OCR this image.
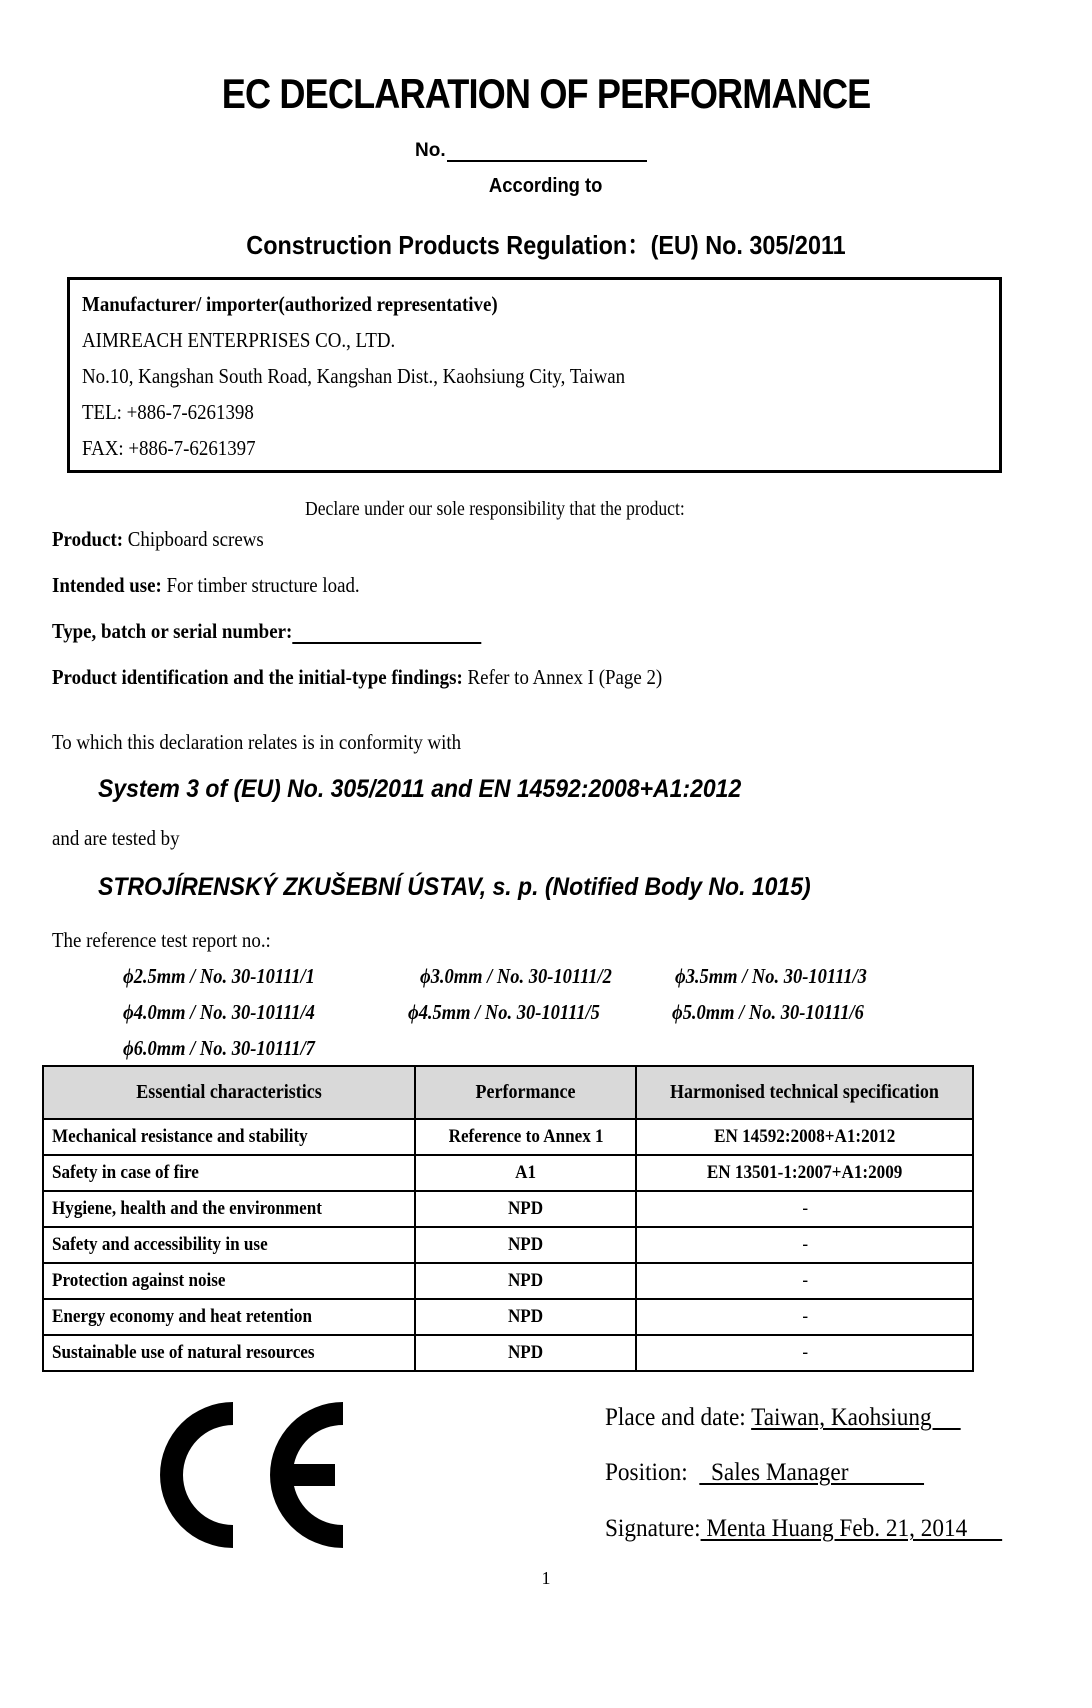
EC DECLARATION OF PERFORMANCE
No.
According to
Construction Products Regulation：(EU) No. 305/2011
Manufacturer/ importer(authorized representative)
AIMREACH ENTERPRISES CO., LTD.
No.10, Kangshan South Road, Kangshan Dist., Kaohsiung City, Taiwan
TEL: +886-7-6261398
FAX: +886-7-6261397
Declare under our sole responsibility that the product:
Product: Chipboard screws
Intended use: For timber structure load.
Type, batch or serial number:
Product identification and the initial-type findings: Refer to Annex I (Page 2)
To which this declaration relates is in conformity with
System 3 of (EU) No. 305/2011 and EN 14592:2008+A1:2012
and are tested by
STROJÍRENSKÝ ZKUŠEBNÍ ÚSTAV, s. p. (Notified Body No. 1015)
The reference test report no.:
ϕ2.5mm / No. 30-10111/1	ϕ3.0mm / No. 30-10111/2	ϕ3.5mm / No. 30-10111/3
ϕ4.0mm / No. 30-10111/4	ϕ4.5mm / No. 30-10111/5	ϕ5.0mm / No. 30-10111/6
ϕ6.0mm / No. 30-10111/7
Essential characteristics	Performance	Harmonised technical specification
Mechanical resistance and stability	Reference to Annex 1	EN 14592:2008+A1:2012
Safety in case of fire	A1	EN 13501-1:2007+A1:2009
Hygiene, health and the environment	NPD	-
Safety and accessibility in use	NPD	-
Protection against noise	NPD	-
Energy economy and heat retention	NPD	-
Sustainable use of natural resources	NPD	-
Place and date: Taiwan, Kaohsiung
Position:    Sales Manager
Signature: Menta Huang Feb. 21, 2014
1
